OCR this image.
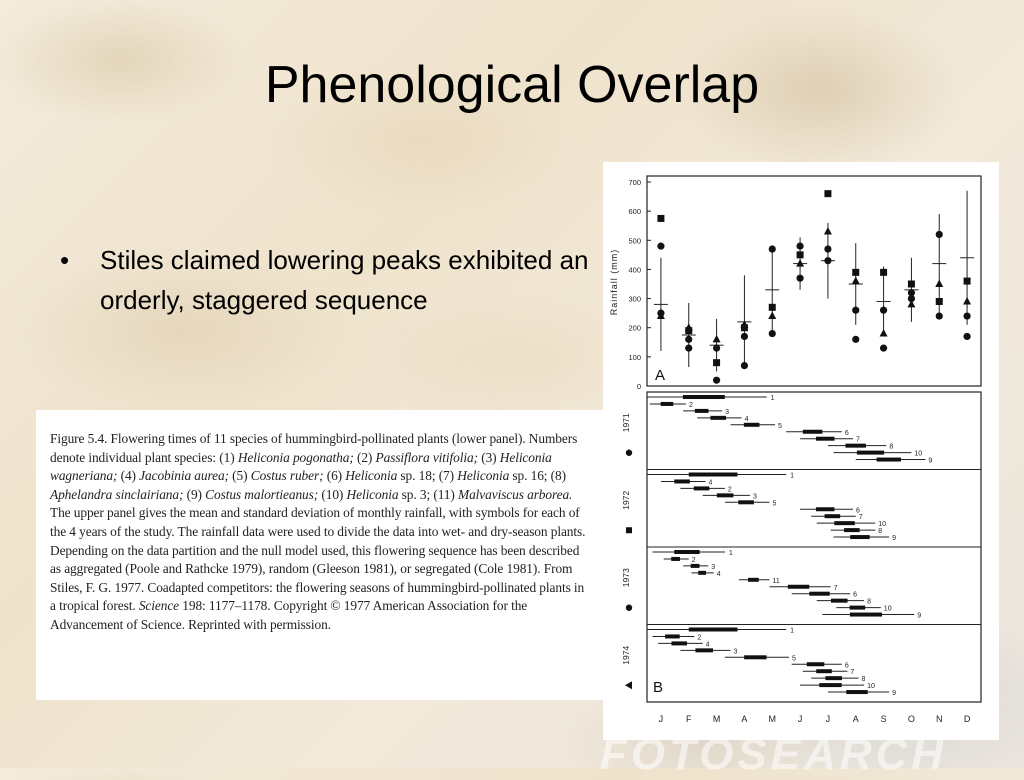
Phenological Overlap
• Stiles claimed lowering peaks exhibited an orderly, staggered sequence

Figure 5.4. Flowering times of 11 species of hummingbird-pollinated plants (lower panel). Numbers denote individual plant species: (1) Heliconia pogonatha; (2) Passiflora vitifolia; (3) Heliconia wagneriana; (4) Jacobinia aurea; (5) Costus ruber; (6) Heliconia sp. 18; (7) Heliconia sp. 16; (8) Aphelandra sinclairiana; (9) Costus malortieanus; (10) Heliconia sp. 3; (11) Malvaviscus arborea. The upper panel gives the mean and standard deviation of monthly rainfall, with symbols for each of the 4 years of the study. The rainfall data were used to divide the data into wet- and dry-season plants. Depending on the data partition and the null model used, this flowering sequence has been described as aggregated (Poole and Rathcke 1979), random (Gleeson 1981), or segregated (Cole 1981). From Stiles, F. G. 1977. Coadapted competitors: the flowering seasons of hummingbird-pollinated plants in a tropical forest. Science 198: 1177–1178. Copyright © 1977 American Association for the Advancement of Science. Reprinted with permission.

0
100
200
300
400
500
600
700
Rainfall (mm)
A
1971
1
2
3
4
5
6
7
8
10
9
1972
1
4
2
3
5
6
7
10
8
9
1973
1
2
3
4
11
7
6
8
10
9
1974
1
2
4
3
5
6
7
8
10
9
B
J	F M A M J	J	A S O N D
FOTOSEARCH
